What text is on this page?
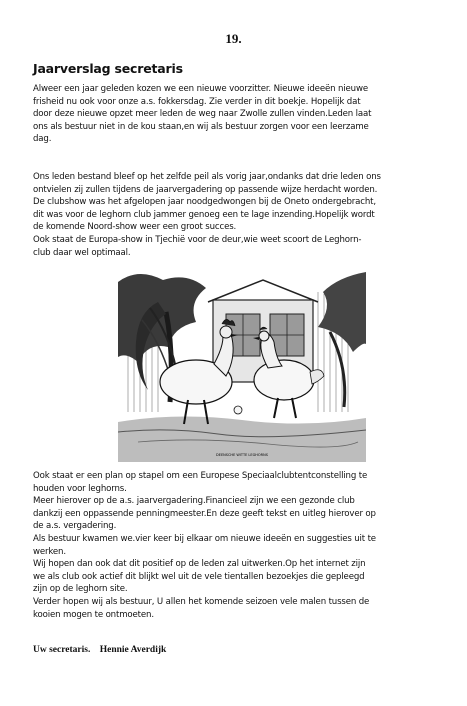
19.
Jaarverslag secretaris
Alweer een jaar geleden kozen we een nieuwe voorzitter. Nieuwe ideeën nieuwe
frisheid nu ook voor onze a.s. fokkersdag. Zie verder in dit boekje. Hopelijk dat
door deze nieuwe opzet meer leden de weg naar Zwolle zullen vinden.Leden laat
ons als bestuur niet in de kou staan,en wij als bestuur zorgen voor een leerzame
dag.
Ons leden bestand bleef op het zelfde peil als vorig jaar,ondanks dat drie leden ons
ontvielen zij zullen tijdens de jaarvergadering op passende wijze herdacht worden.
De clubshow was het afgelopen jaar noodgedwongen bij de Oneto ondergebracht,
dit was voor de leghorn club jammer genoeg een te lage inzending.Hopelijk wordt
de komende Noord-show weer een groot succes.
Ook staat de Europa-show in Tjechië voor de deur,wie weet scoort de Leghorn-
club daar wel optimaal.
DEENSCHE WITTE LEGHORNS
Ook staat er een plan op stapel om een Europese Speciaalclubtentconstelling te
houden voor leghorns.
Meer hierover op de a.s. jaarvergadering.Financieel zijn we een gezonde club
dankzij een oppassende penningmeester.En deze geeft tekst en uitleg hierover op
de a.s. vergadering.
Als bestuur kwamen we.vier keer bij elkaar om nieuwe ideeën en suggesties uit te
werken.
Wij hopen dan ook dat dit positief op de leden zal uitwerken.Op het internet zijn
we als club ook actief dit blijkt wel uit de vele tientallen bezoekjes die gepleegd
zijn op de leghorn site.
Verder hopen wij als bestuur, U allen het komende seizoen vele malen tussen de
kooien mogen te ontmoeten.
Uw secretaris. Hennie Averdijk
